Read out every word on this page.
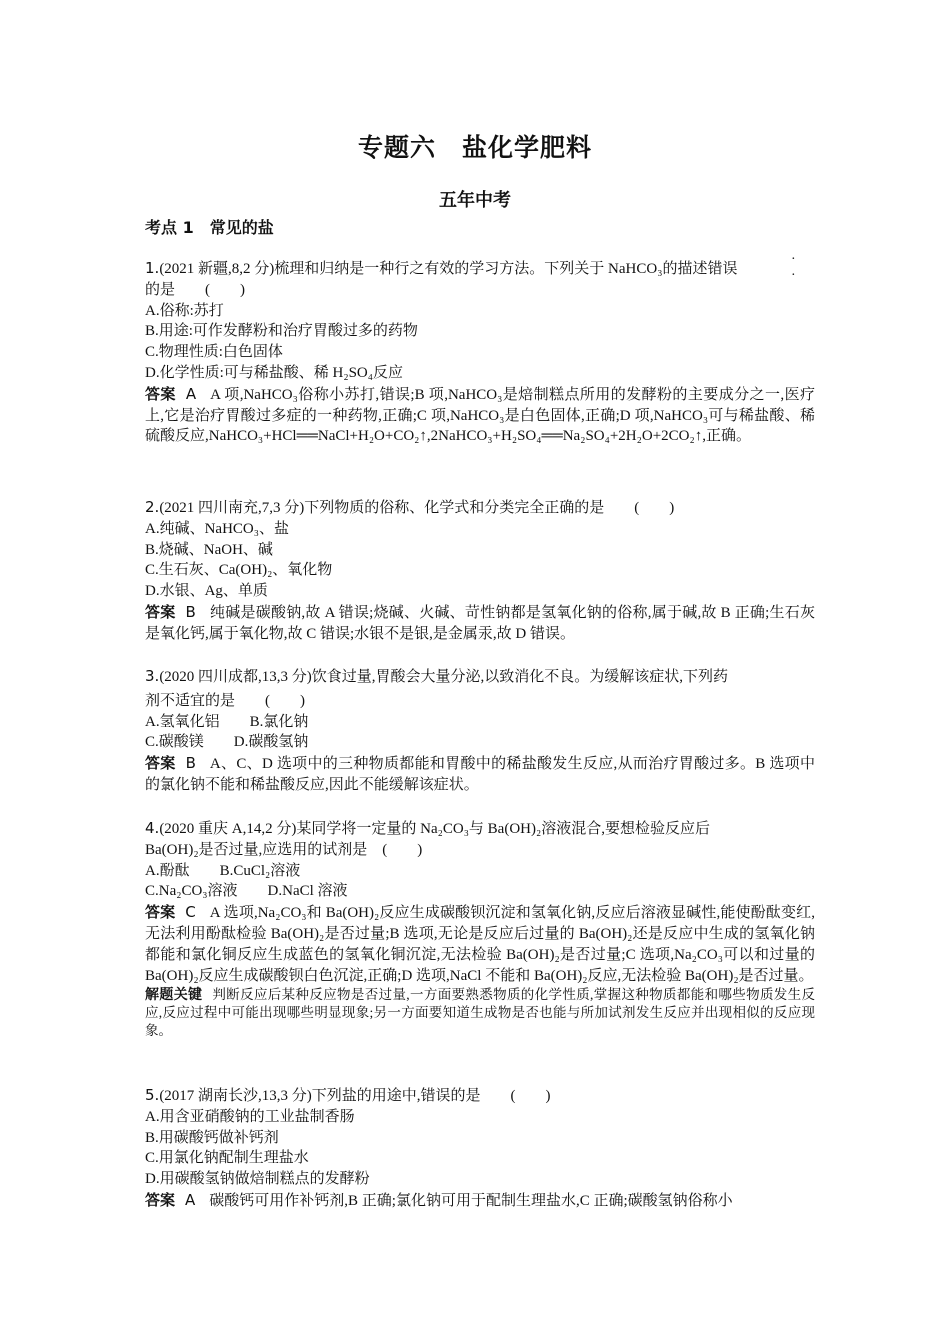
专题六　盐化学肥料
五年中考
考点 1　常见的盐
· ·

1.(2021 新疆,8,2 分)梳理和归纳是一种行之有效的学习方法。下列关于 NaHCO₃的描述错误

的是　　(　　)

A.俗称:苏打

B.用途:可作发酵粉和治疗胃酸过多的药物

C.物理性质:白色固体

D.化学性质:可与稀盐酸、稀 H₂SO₄反应

答案 A A 项,NaHCO₃俗称小苏打,错误;B 项,NaHCO₃是焙制糕点所用的发酵粉的主要成分之一,医疗上,它是治疗胃酸过多症的一种药物,正确;C 项,NaHCO₃是白色固体,正确;D 项,NaHCO₃可与稀盐酸、稀硫酸反应,NaHCO₃+HCl══NaCl+H₂O+CO₂↑,2NaHCO₃+H₂SO₄══Na₂SO₄+2H₂O+2CO₂↑,正确。

2.(2021 四川南充,7,3 分)下列物质的俗称、化学式和分类完全正确的是　　(　　)

A.纯碱、NaHCO₃、盐

B.烧碱、NaOH、碱

C.生石灰、Ca(OH)₂、氧化物

D.水银、Ag、单质

答案 B 纯碱是碳酸钠,故 A 错误;烧碱、火碱、苛性钠都是氢氧化钠的俗称,属于碱,故 B 正确;生石灰是氧化钙,属于氧化物,故 C 错误;水银不是银,是金属汞,故 D 错误。

3.(2020 四川成都,13,3 分)饮食过量,胃酸会大量分泌,以致消化不良。为缓解该症状,下列药

剂不适宜的是　　(　　)

A.氢氧化铝　　B.氯化钠

C.碳酸镁　　D.碳酸氢钠

答案 B A、C、D 选项中的三种物质都能和胃酸中的稀盐酸发生反应,从而治疗胃酸过多。B 选项中的氯化钠不能和稀盐酸反应,因此不能缓解该症状。

4.(2020 重庆 A,14,2 分)某同学将一定量的 Na₂CO₃与 Ba(OH)₂溶液混合,要想检验反应后

Ba(OH)₂是否过量,应选用的试剂是　(　　)

A.酚酞　　B.CuCl₂溶液

C.Na₂CO₃溶液　　D.NaCl 溶液

答案 C A 选项,Na₂CO₃和 Ba(OH)₂反应生成碳酸钡沉淀和氢氧化钠,反应后溶液显碱性,能使酚酞变红,无法利用酚酞检验 Ba(OH)₂是否过量;B 选项,无论是反应后过量的 Ba(OH)₂还是反应中生成的氢氧化钠都能和氯化铜反应生成蓝色的氢氧化铜沉淀,无法检验 Ba(OH)₂是否过量;C 选项,Na₂CO₃可以和过量的 Ba(OH)₂反应生成碳酸钡白色沉淀,正确;D 选项,NaCl 不能和 Ba(OH)₂反应,无法检验 Ba(OH)₂是否过量。

解题关键 判断反应后某种反应物是否过量,一方面要熟悉物质的化学性质,掌握这种物质都能和哪些物质发生反应,反应过程中可能出现哪些明显现象;另一方面要知道生成物是否也能与所加试剂发生反应并出现相似的反应现象。

5.(2017 湖南长沙,13,3 分)下列盐的用途中,错误的是　　(　　)

A.用含亚硝酸钠的工业盐制香肠

B.用碳酸钙做补钙剂

C.用氯化钠配制生理盐水

D.用碳酸氢钠做焙制糕点的发酵粉

答案 A 碳酸钙可用作补钙剂,B 正确;氯化钠可用于配制生理盐水,C 正确;碳酸氢钠俗称小
